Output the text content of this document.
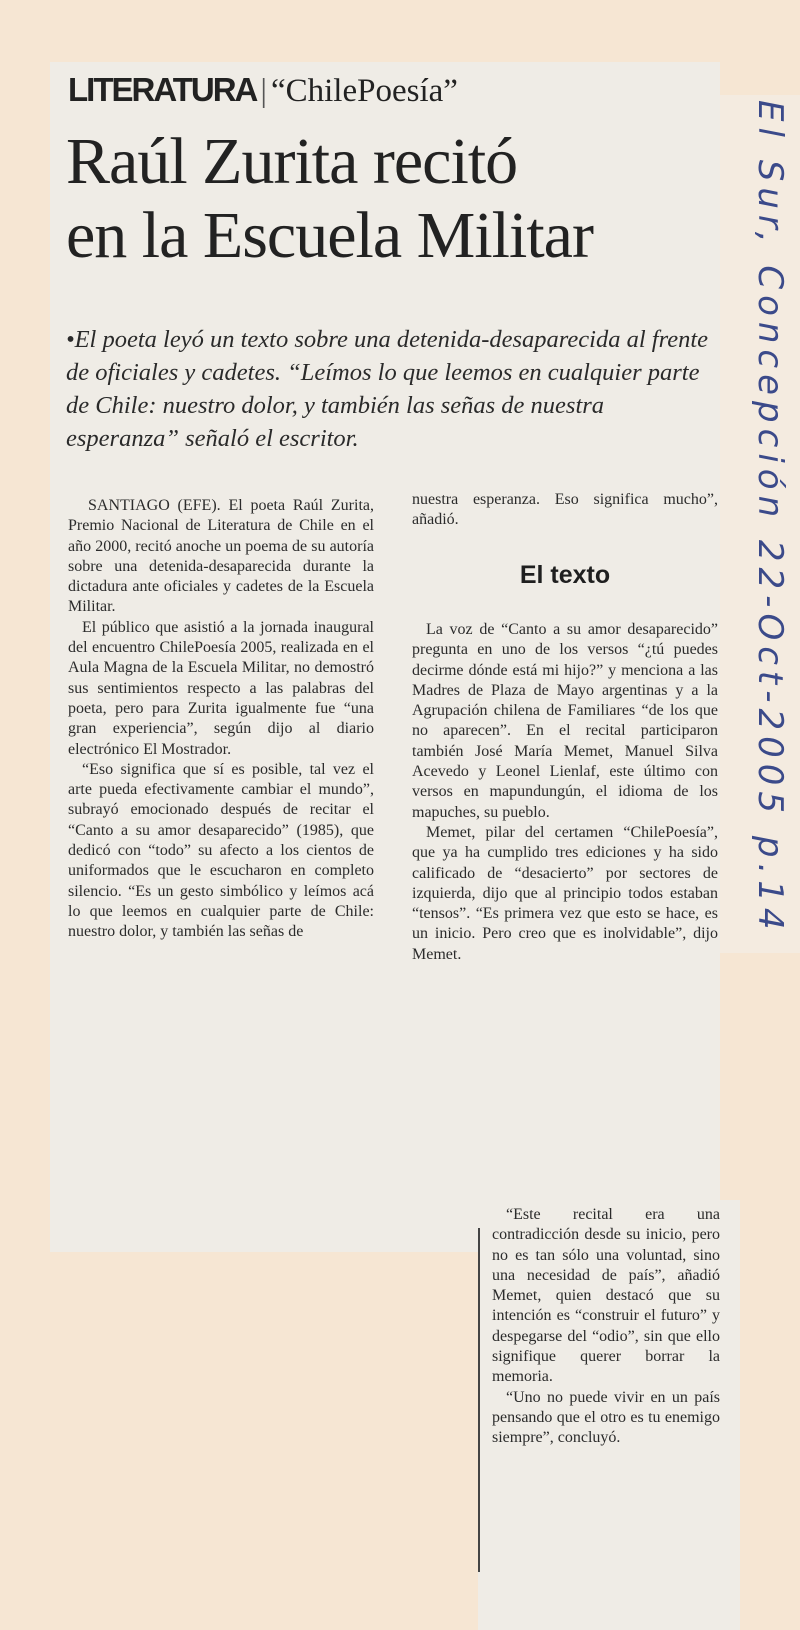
LITERATURA | “ChilePoesía”
Raúl Zurita recitó
en la Escuela Militar
•El poeta leyó un texto sobre una detenida-desaparecida al frente de oficiales y cadetes. “Leímos lo que leemos en cualquier parte de Chile: nuestro dolor, y también las señas de nuestra esperanza” señaló el escritor.

SANTIAGO (EFE). El poeta Raúl Zurita, Premio Nacional de Literatura de Chile en el año 2000, recitó anoche un poema de su autoría sobre una detenida-desaparecida durante la dictadura ante oficiales y cadetes de la Escuela Militar.

El público que asistió a la jornada inaugural del encuentro ChilePoesía 2005, realizada en el Aula Magna de la Escuela Militar, no demostró sus sentimientos respecto a las palabras del poeta, pero para Zurita igualmente fue “una gran experiencia”, según dijo al diario electrónico El Mostrador.

“Eso significa que sí es posible, tal vez el arte pueda efectivamente cambiar el mundo”, subrayó emocionado después de recitar el “Canto a su amor desaparecido” (1985), que dedicó con “todo” su afecto a los cientos de uniformados que le escucharon en completo silencio. “Es un gesto simbólico y leímos acá lo que leemos en cualquier parte de Chile: nuestro dolor, y también las señas de

nuestra esperanza. Eso significa mucho”, añadió.

El texto

La voz de “Canto a su amor desaparecido” pregunta en uno de los versos “¿tú puedes decirme dónde está mi hijo?” y menciona a las Madres de Plaza de Mayo argentinas y a la Agrupación chilena de Familiares “de los que no aparecen”. En el recital participaron también José María Memet, Manuel Silva Acevedo y Leonel Lienlaf, este último con versos en mapundungún, el idioma de los mapuches, su pueblo.

Memet, pilar del certamen “ChilePoesía”, que ya ha cumplido tres ediciones y ha sido calificado de “desacierto” por sectores de izquierda, dijo que al principio todos estaban “tensos”. “Es primera vez que esto se hace, es un inicio. Pero creo que es inolvidable”, dijo Memet.

“Este recital era una contradicción desde su inicio, pero no es tan sólo una voluntad, sino una necesidad de país”, añadió Memet, quien destacó que su intención es “construir el futuro” y despegarse del “odio”, sin que ello signifique querer borrar la memoria.

“Uno no puede vivir en un país pensando que el otro es tu enemigo siempre”, concluyó.

El Sur, Concepción 22-Oct-2005 p.14
